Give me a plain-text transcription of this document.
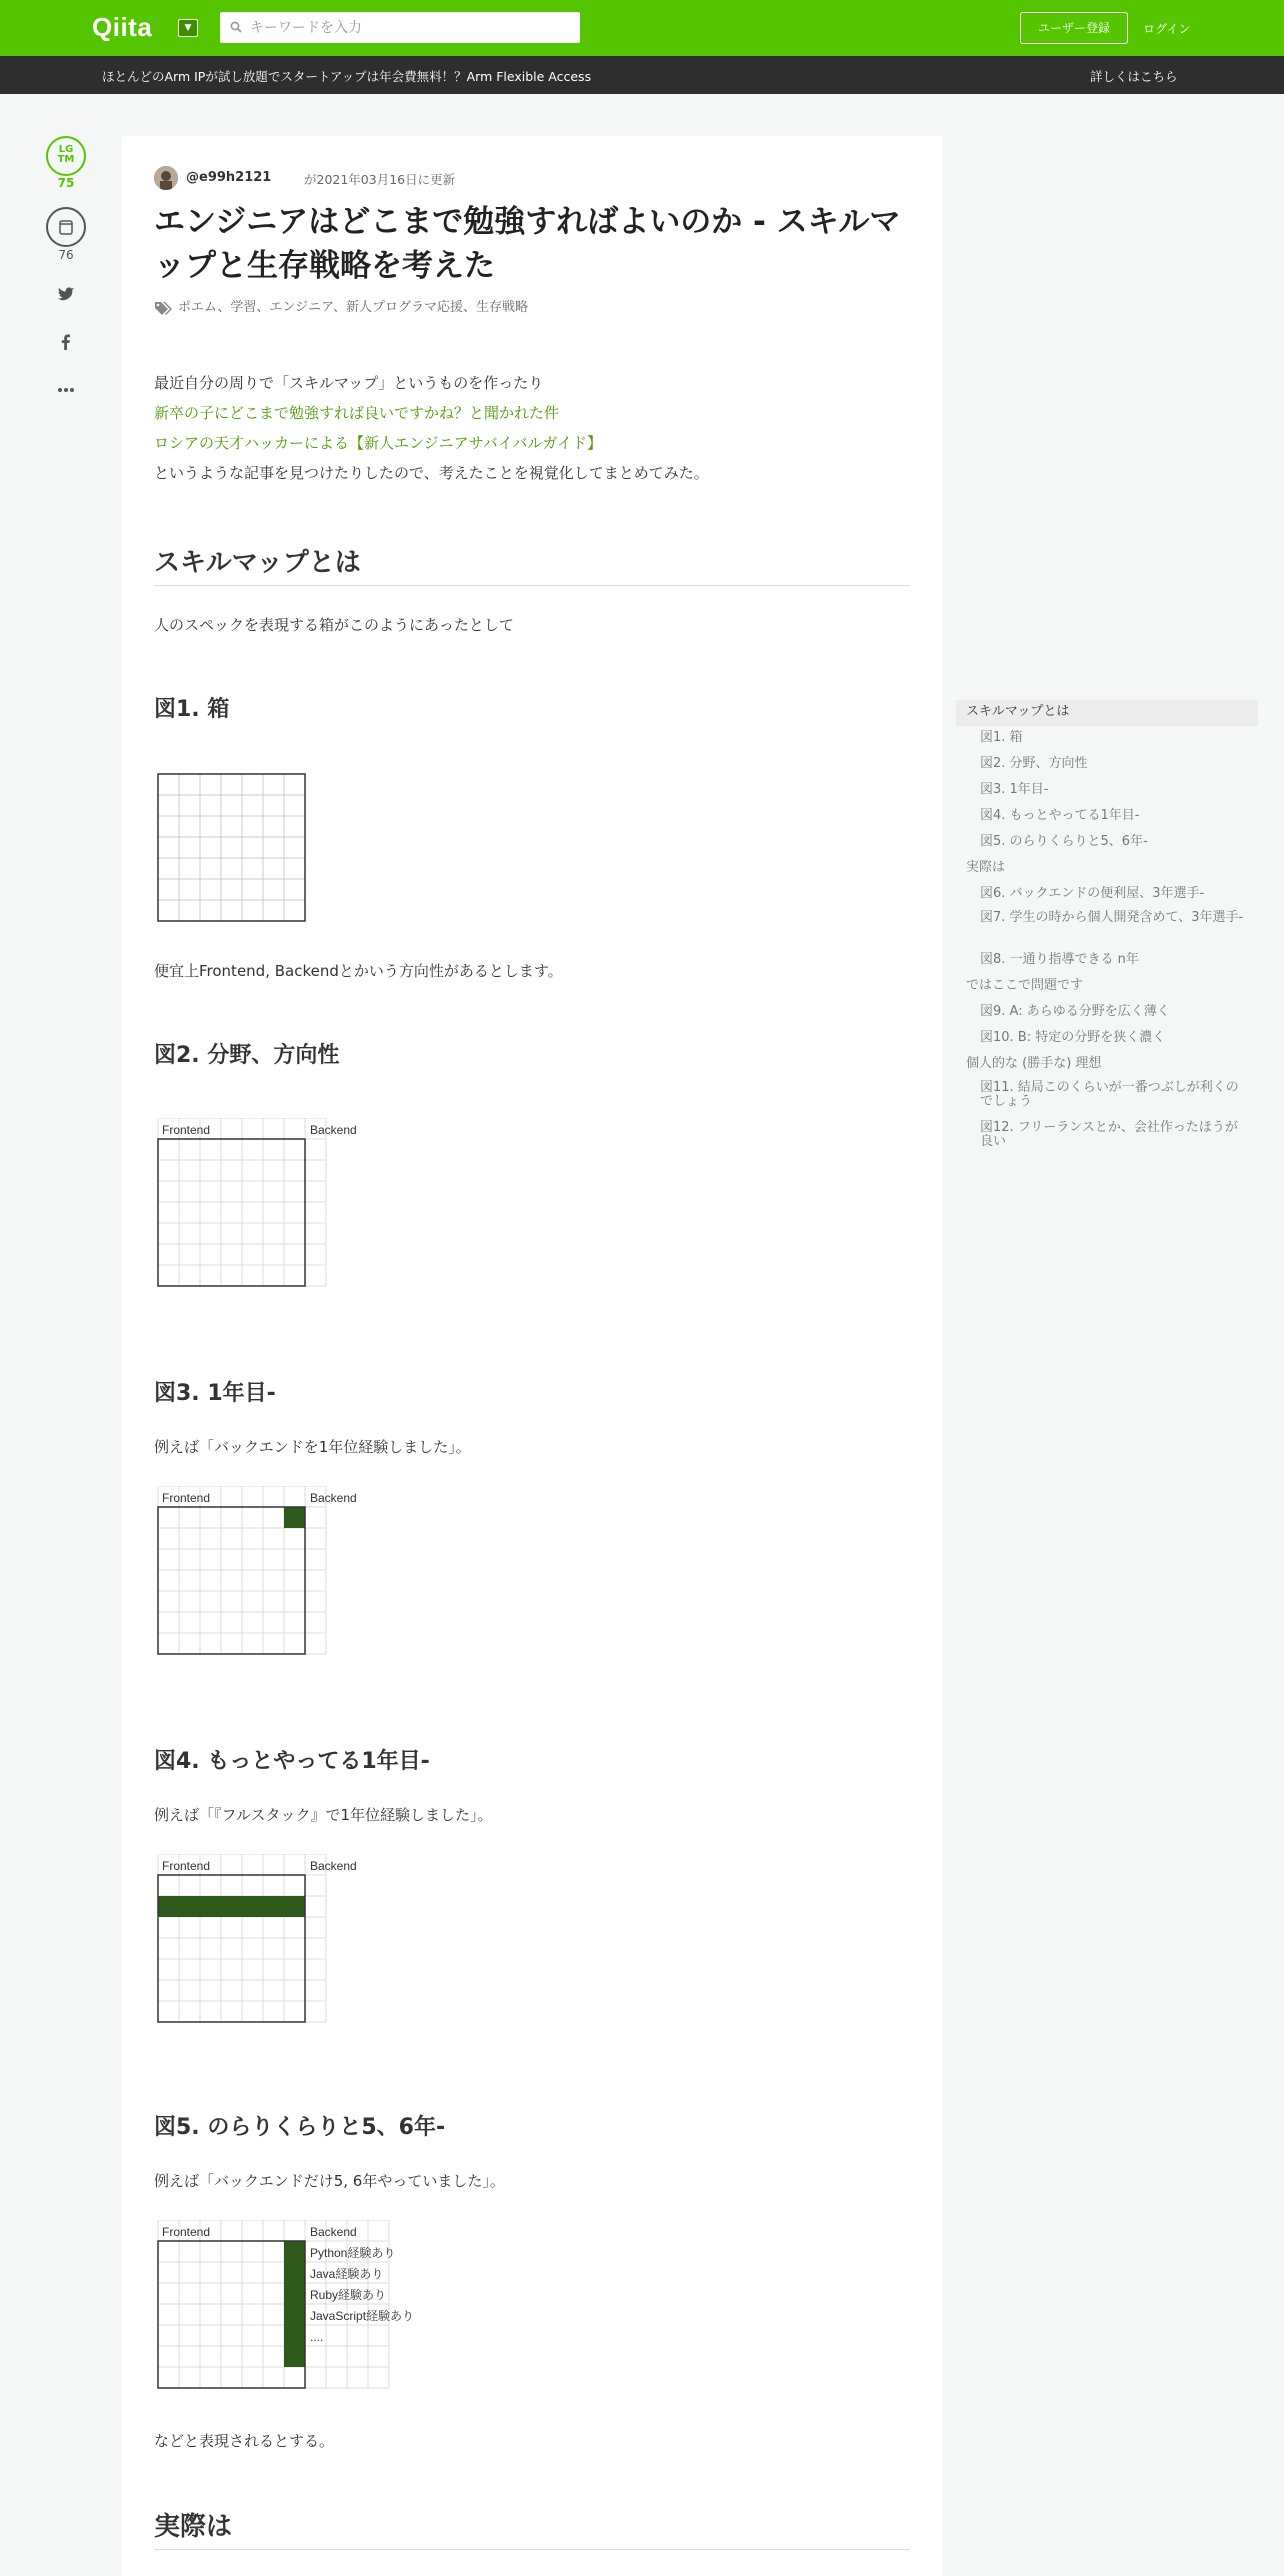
Qiita	▼
キーワードを入力	ユーザー登録	ログイン
ほとんどのArm IPが試し放題でスタートアップは年会費無料！？Arm Flexible Access	詳しくはこちら
LGTM
75
76
@e99h2121	が2021年03月16日に更新
エンジニアはどこまで勉強すればよいのか - スキルマップと生存戦略を考えた
ポエム、学習、エンジニア、新人プログラマ応援、生存戦略
最近自分の周りで「スキルマップ」というものを作ったり
新卒の子にどこまで勉強すれば良いですかね？と聞かれた件
ロシアの天才ハッカーによる【新人エンジニアサバイバルガイド】
というような記事を見つけたりしたので、考えたことを視覚化してまとめてみた。
スキルマップとは
人のスペックを表現する箱がこのようにあったとして
図1. 箱
便宜上Frontend, Backendとかいう方向性があるとします。
図2. 分野、方向性
Frontend	Backend
図3. 1年目-
例えば「バックエンドを1年位経験しました」。
Frontend	Backend
図4. もっとやってる1年目-
例えば「『フルスタック』で1年位経験しました」。
Frontend	Backend
図5. のらりくらりと5、6年-
例えば「バックエンドだけ5, 6年やっていました」。
Frontend	Backend
Python経験あり
Java経験あり
Ruby経験あり
JavaScript経験あり
....
などと表現されるとする。
実際は
スキルマップとは
図1. 箱
図2. 分野、方向性
図3. 1年目-
図4. もっとやってる1年目-
図5. のらりくらりと5、6年-
実際は
図6. バックエンドの便利屋、3年選手-
図7. 学生の時から個人開発含めて、3年選手-
図8. 一通り指導できる n年
ではここで問題です
図9. A: あらゆる分野を広く薄く
図10. B: 特定の分野を狭く濃く
個人的な (勝手な) 理想
図11. 結局このくらいが一番つぶしが利くのでしょう
図12. フリーランスとか、会社作ったほうが良い
